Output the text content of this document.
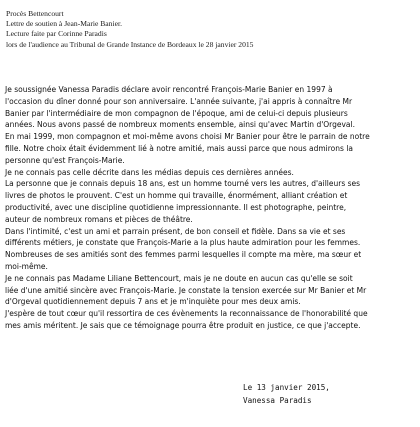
Procès Bettencourt
Lettre de soutien à Jean-Marie Banier.
Lecture faite par Corinne Paradis
lors de l'audience au Tribunal de Grande Instance de Bordeaux le 28 janvier 2015
Je soussignée Vanessa Paradis déclare avoir rencontré François-Marie Banier en 1997 à
l'occasion du dîner donné pour son anniversaire. L'année suivante, j'ai appris à connaître Mr
Banier par l'intermédiaire de mon compagnon de l'époque, ami de celui-ci depuis plusieurs
années. Nous avons passé de nombreux moments ensemble, ainsi qu'avec Martin d'Orgeval.
En mai 1999, mon compagnon et moi-même avons choisi Mr Banier pour être le parrain de notre
fille. Notre choix était évidemment lié à notre amitié, mais aussi parce que nous admirons la
personne qu'est François-Marie.
Je ne connais pas celle décrite dans les médias depuis ces dernières années.
La personne que je connais depuis 18 ans, est un homme tourné vers les autres, d'ailleurs ses
livres de photos le prouvent. C'est un homme qui travaille, énormément, alliant création et
productivité, avec une discipline quotidienne impressionnante. Il est photographe, peintre,
auteur de nombreux romans et pièces de théâtre.
Dans l'intimité, c'est un ami et parrain présent, de bon conseil et fidèle. Dans sa vie et ses
différents métiers, je constate que François-Marie a la plus haute admiration pour les femmes.
Nombreuses de ses amitiés sont des femmes parmi lesquelles il compte ma mère, ma sœur et
moi-même.
Je ne connais pas Madame Liliane Bettencourt, mais je ne doute en aucun cas qu'elle se soit
liée d'une amitié sincère avec François-Marie. Je constate la tension exercée sur Mr Banier et Mr
d'Orgeval quotidiennement depuis 7 ans et je m'inquiète pour mes deux amis.
J'espère de tout cœur qu'il ressortira de ces évènements la reconnaissance de l'honorabilité que
mes amis méritent. Je sais que ce témoignage pourra être produit en justice, ce que j'accepte.
Le 13 janvier 2015,
Vanessa Paradis
